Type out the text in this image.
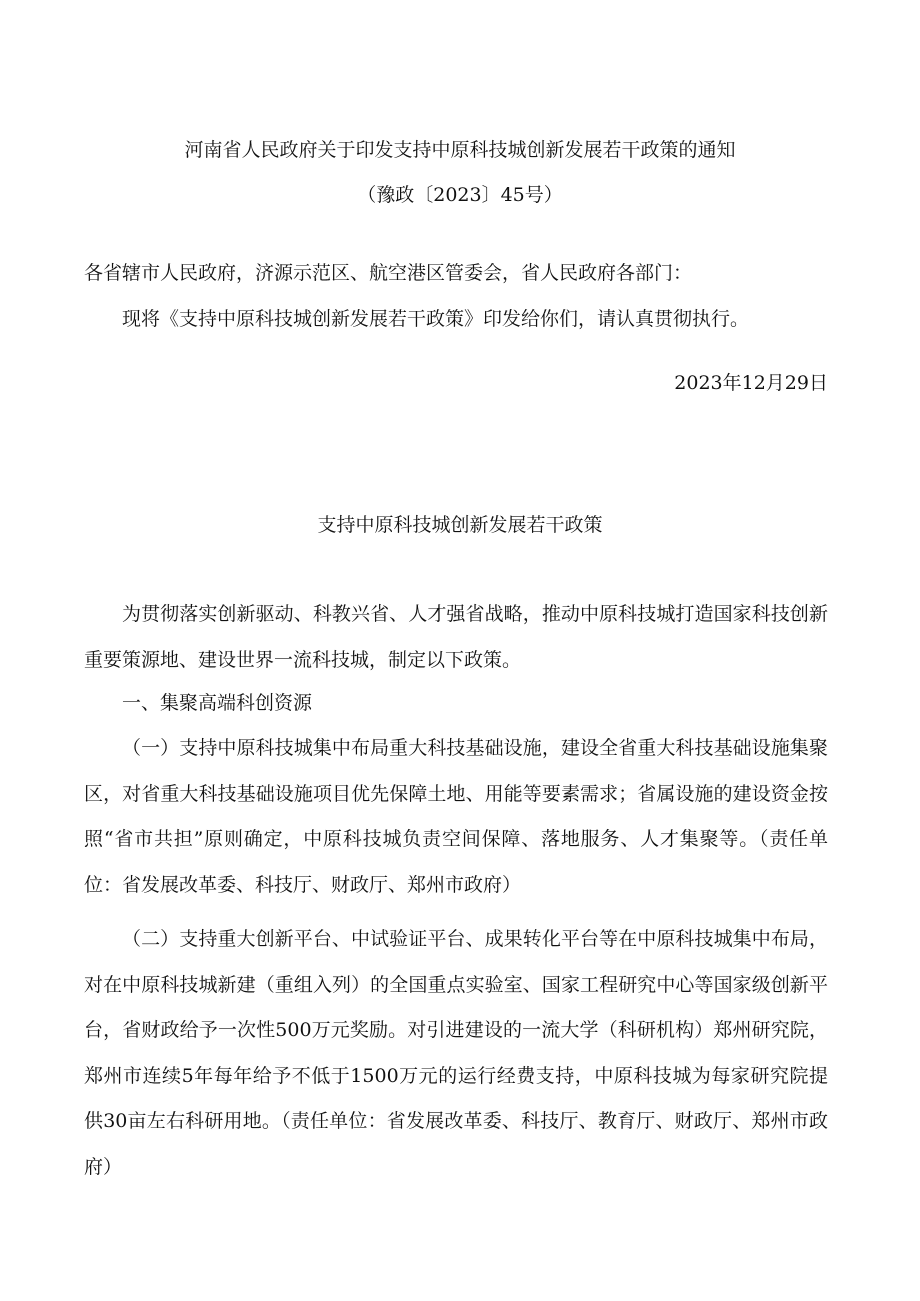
河南省人民政府关于印发支持中原科技城创新发展若干政策的通知
（豫政〔2023〕45号）
各省辖市人民政府，济源示范区、航空港区管委会，省人民政府各部门：
现将《支持中原科技城创新发展若干政策》印发给你们，请认真贯彻执行。
2023年12月29日
支持中原科技城创新发展若干政策
为贯彻落实创新驱动、科教兴省、人才强省战略，推动中原科技城打造国家科技创新重要策源地、建设世界一流科技城，制定以下政策。
一、集聚高端科创资源
（一）支持中原科技城集中布局重大科技基础设施，建设全省重大科技基础设施集聚区，对省重大科技基础设施项目优先保障土地、用能等要素需求；省属设施的建设资金按照“省市共担”原则确定，中原科技城负责空间保障、落地服务、人才集聚等。（责任单位：省发展改革委、科技厅、财政厅、郑州市政府）
（二）支持重大创新平台、中试验证平台、成果转化平台等在中原科技城集中布局，对在中原科技城新建（重组入列）的全国重点实验室、国家工程研究中心等国家级创新平台，省财政给予一次性500万元奖励。对引进建设的一流大学（科研机构）郑州研究院，郑州市连续5年每年给予不低于1500万元的运行经费支持，中原科技城为每家研究院提供30亩左右科研用地。（责任单位：省发展改革委、科技厅、教育厅、财政厅、郑州市政府）
